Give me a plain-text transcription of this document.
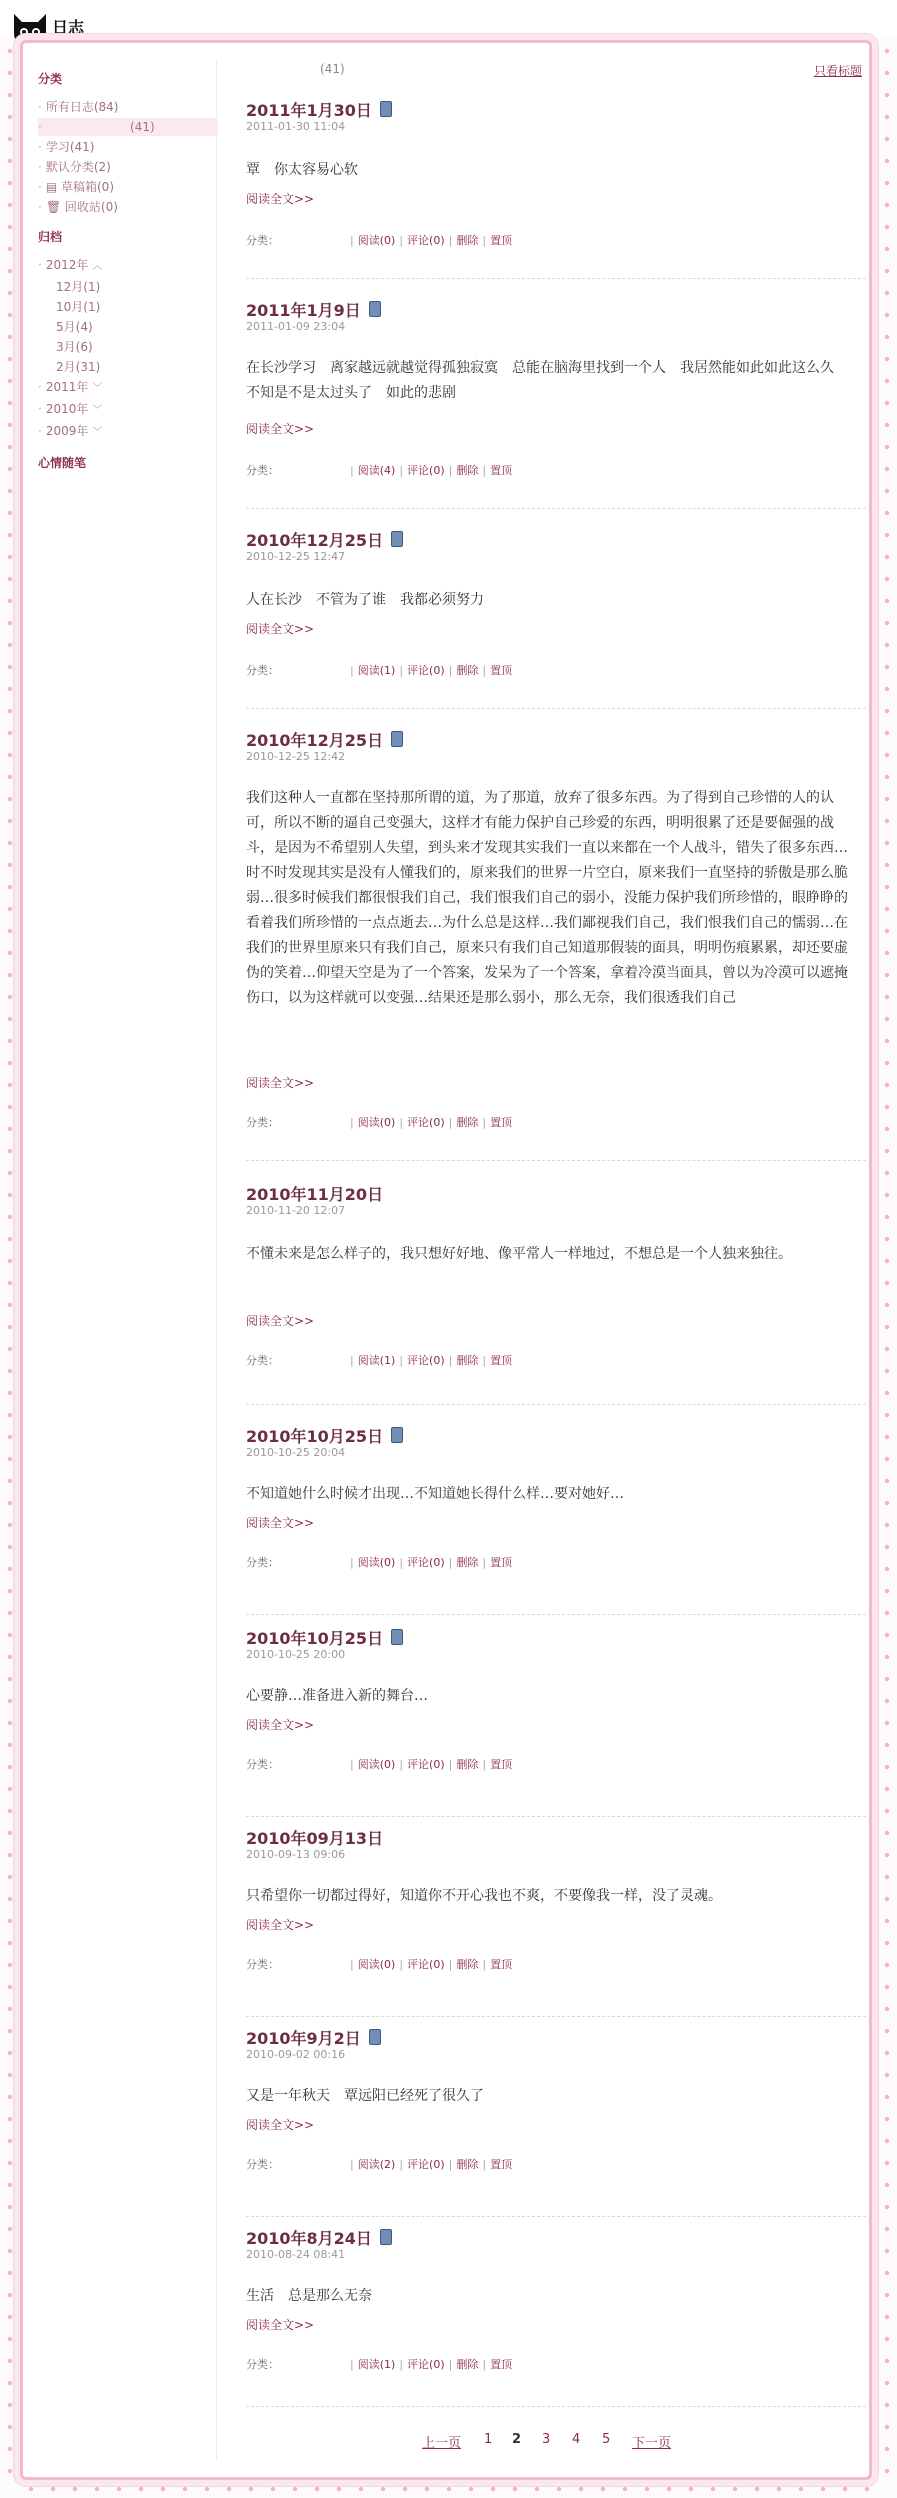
日志
分类
· 所有日志(84)
·	(41)
· 学习(41)
· 默认分类(2)
· ▤ 草稿箱(0)
· 🗑 回收站(0)
归档
· 2012年 ︿
12月(1)
10月(1)
5月(4)
3月(6)
2月(31)
· 2011年 ﹀
· 2010年 ﹀
· 2009年 ﹀
心情随笔
(41)	只看标题
2011年1月30日
2011-01-30 11:04
覃　你太容易心软
阅读全文>>
分类：	| 阅读(0) | 评论(0) | 删除 | 置顶
2011年1月9日
2011-01-09 23:04
在长沙学习　离家越远就越觉得孤独寂寞　总能在脑海里找到一个人　我居然能如此如此这么久　不知是不是太过头了　如此的悲剧
阅读全文>>
分类：	| 阅读(4) | 评论(0) | 删除 | 置顶
2010年12月25日
2010-12-25 12:47
人在长沙　不管为了谁　我都必须努力
阅读全文>>
分类：	| 阅读(1) | 评论(0) | 删除 | 置顶
2010年12月25日
2010-12-25 12:42
我们这种人一直都在坚持那所谓的道，为了那道，放弃了很多东西。为了得到自己珍惜的人的认可，所以不断的逼自己变强大，这样才有能力保护自己珍爱的东西，明明很累了还是要倔强的战斗，是因为不希望别人失望，到头来才发现其实我们一直以来都在一个人战斗，错失了很多东西…时不时发现其实是没有人懂我们的，原来我们的世界一片空白，原来我们一直坚持的骄傲是那么脆弱…很多时候我们都很恨我们自己，我们恨我们自己的弱小，没能力保护我们所珍惜的，眼睁睁的看着我们所珍惜的一点点逝去…为什么总是这样…我们鄙视我们自己，我们恨我们自己的懦弱…在我们的世界里原来只有我们自己，原来只有我们自己知道那假装的面具，明明伤痕累累，却还要虚伪的笑着…仰望天空是为了一个答案，发呆为了一个答案，拿着冷漠当面具，曾以为冷漠可以遮掩伤口，以为这样就可以变强…结果还是那么弱小，那么无奈，我们很透我们自己
阅读全文>>
分类：	| 阅读(0) | 评论(0) | 删除 | 置顶
2010年11月20日
2010-11-20 12:07
不懂未来是怎么样子的，我只想好好地、像平常人一样地过，不想总是一个人独来独往。
阅读全文>>
分类：	| 阅读(1) | 评论(0) | 删除 | 置顶
2010年10月25日
2010-10-25 20:04
不知道她什么时候才出现…不知道她长得什么样…要对她好…
阅读全文>>
分类：	| 阅读(0) | 评论(0) | 删除 | 置顶
2010年10月25日
2010-10-25 20:00
心要静…准备进入新的舞台…
阅读全文>>
分类：	| 阅读(0) | 评论(0) | 删除 | 置顶
2010年09月13日
2010-09-13 09:06
只希望你一切都过得好，知道你不开心我也不爽，不要像我一样，没了灵魂。
阅读全文>>
分类：	| 阅读(0) | 评论(0) | 删除 | 置顶
2010年9月2日
2010-09-02 00:16
又是一年秋天　覃远阳已经死了很久了
阅读全文>>
分类：	| 阅读(2) | 评论(0) | 删除 | 置顶
2010年8月24日
2010-08-24 08:41
生活　总是那么无奈
阅读全文>>
分类：	| 阅读(1) | 评论(0) | 删除 | 置顶
上一页 1 2 3 4 5 下一页
